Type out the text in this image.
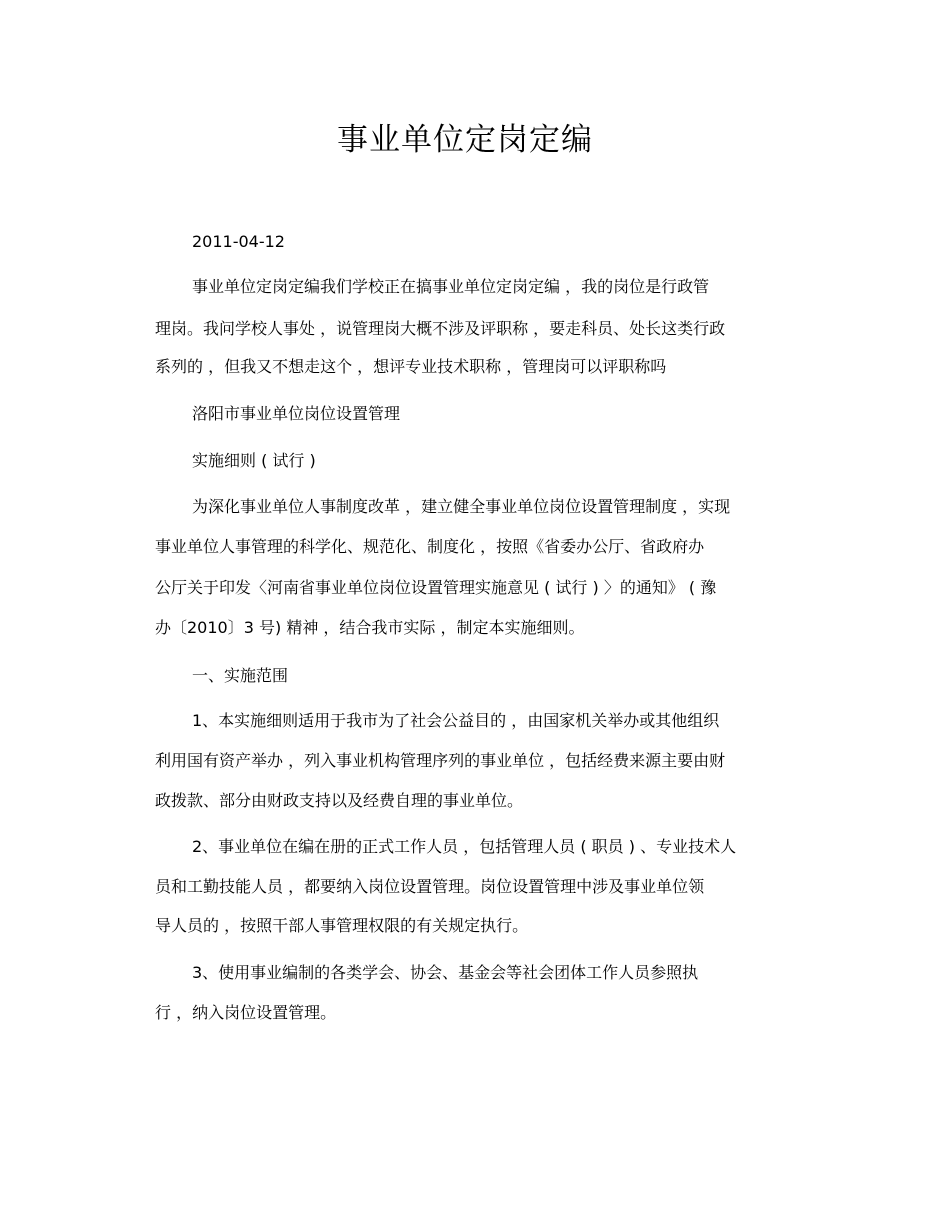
事业单位定岗定编

2011-04-12

事业单位定岗定编我们学校正在搞事业单位定岗定编 ，我的岗位是行政管

理岗。我问学校人事处 ，说管理岗大概不涉及评职称 ，要走科员、处长这类行政

系列的 ，但我又不想走这个 ，想评专业技术职称 ，管理岗可以评职称吗

洛阳市事业单位岗位设置管理

实施细则 ( 试行 )

为深化事业单位人事制度改革 ，建立健全事业单位岗位设置管理制度 ，实现

事业单位人事管理的科学化、规范化、制度化 ，按照《省委办公厅、省政府办

公厅关于印发〈河南省事业单位岗位设置管理实施意见 ( 试行 ) 〉的通知》 ( 豫

办〔2010〕3 号) 精神 ，结合我市实际 ，制定本实施细则。

一、实施范围

1、本实施细则适用于我市为了社会公益目的 ，由国家机关举办或其他组织

利用国有资产举办 ，列入事业机构管理序列的事业单位 ，包括经费来源主要由财

政拨款、部分由财政支持以及经费自理的事业单位。

2、事业单位在编在册的正式工作人员 ，包括管理人员 ( 职员 ) 、专业技术人

员和工勤技能人员 ，都要纳入岗位设置管理。岗位设置管理中涉及事业单位领

导人员的 ，按照干部人事管理权限的有关规定执行。

3、使用事业编制的各类学会、协会、基金会等社会团体工作人员参照执

行 ，纳入岗位设置管理。
